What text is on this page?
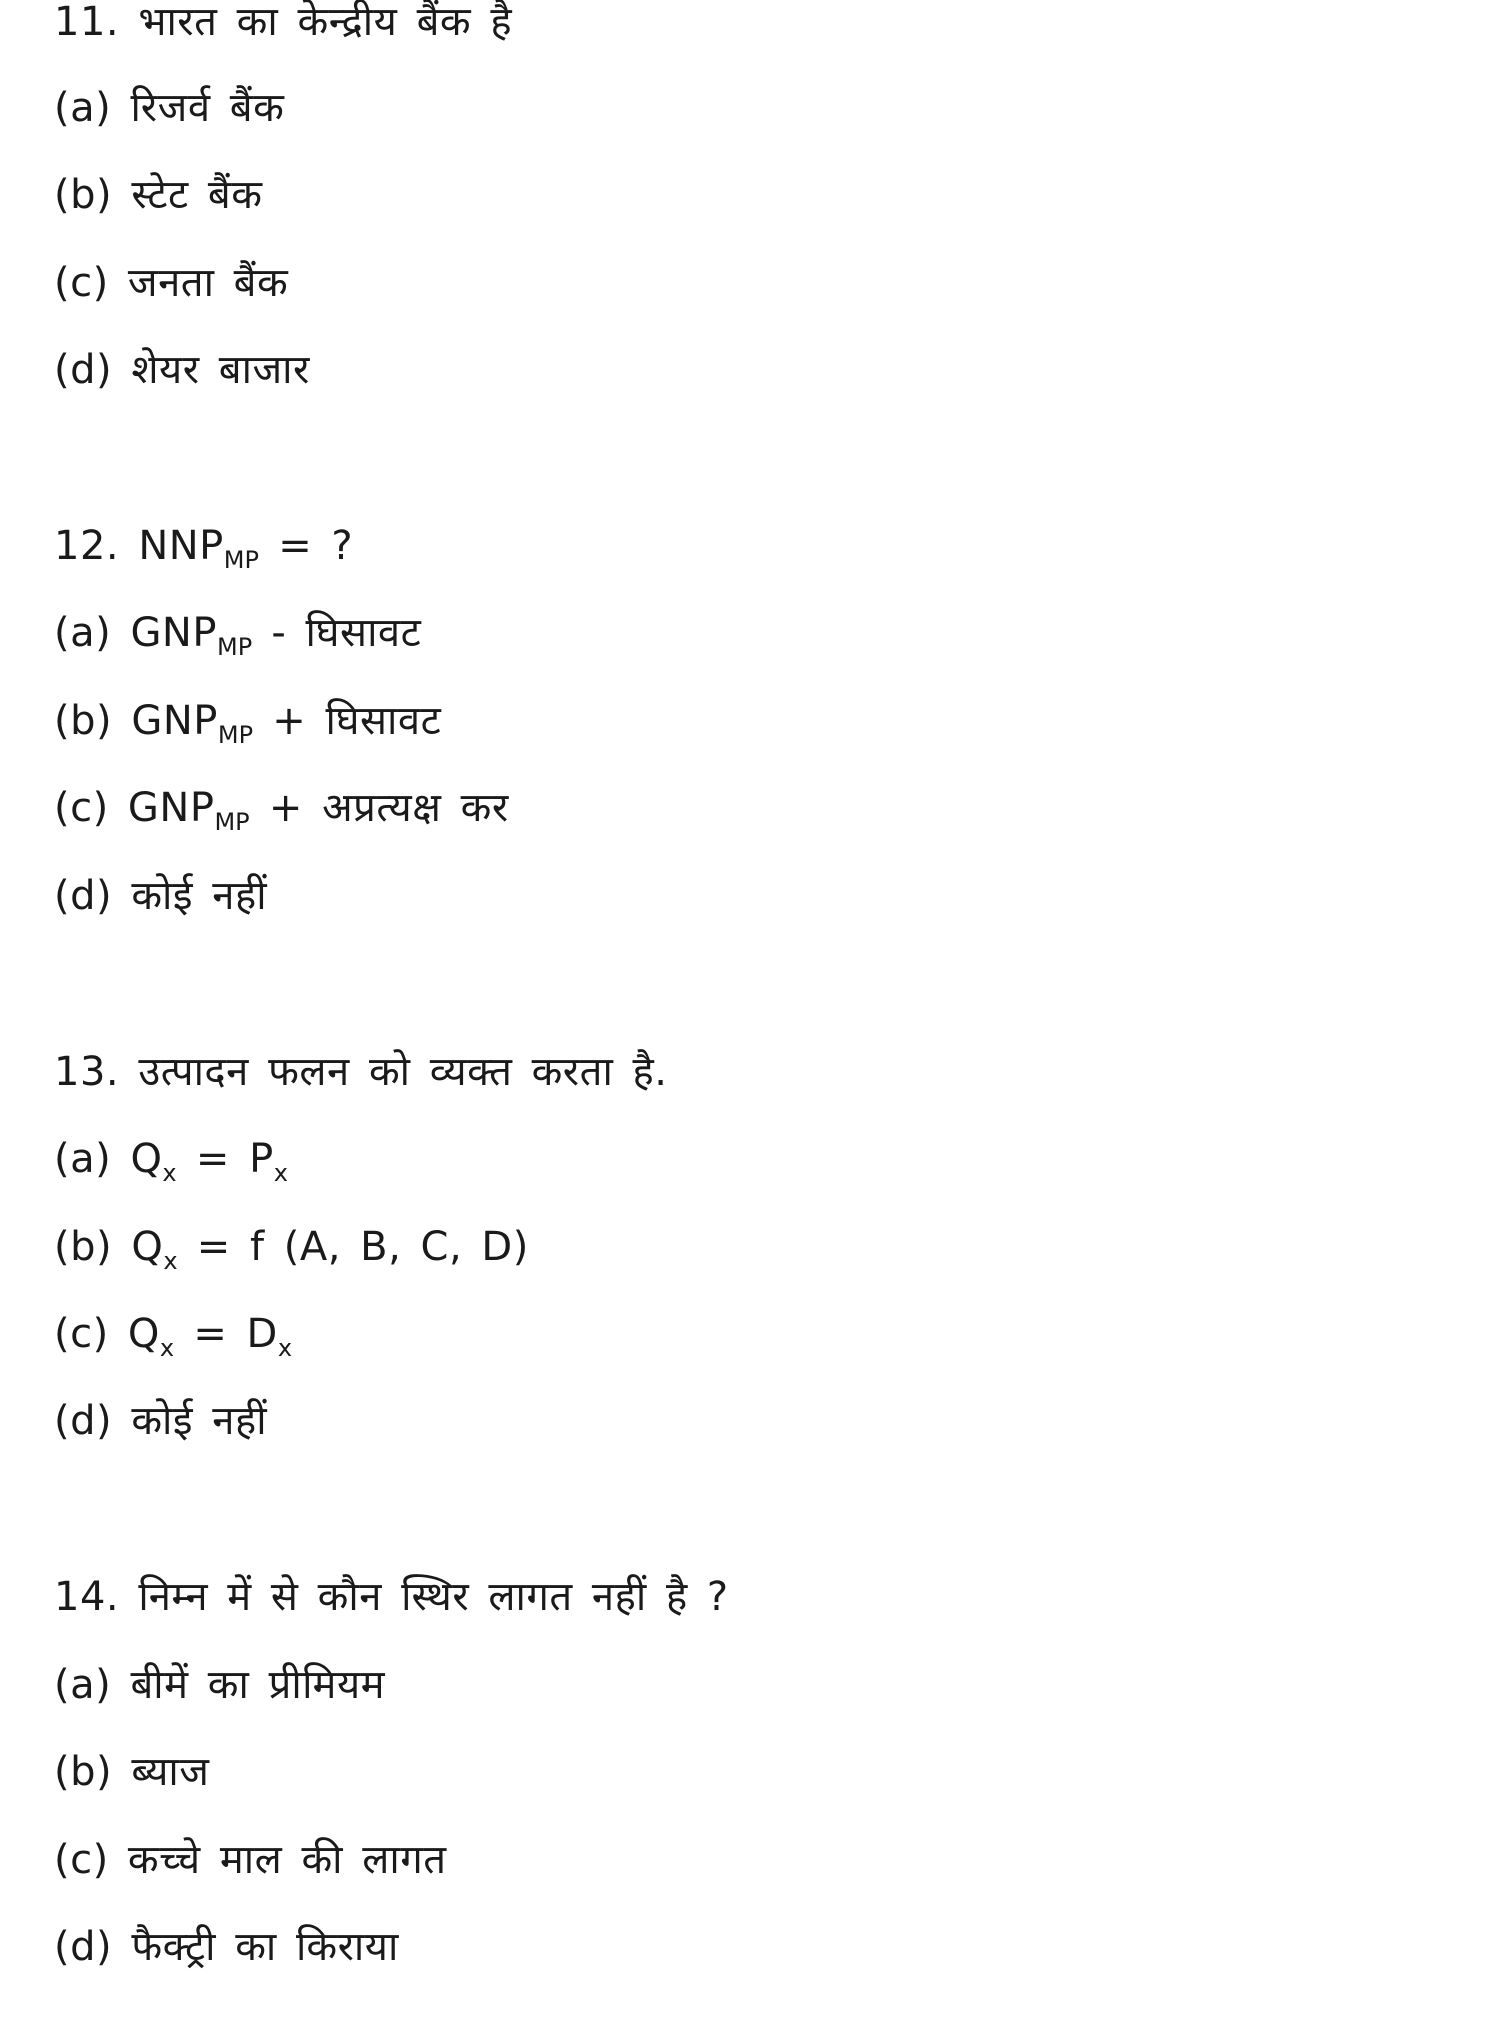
11. भारत का केन्द्रीय बैंक है
(a) रिजर्व बैंक
(b) स्टेट बैंक
(c) जनता बैंक
(d) शेयर बाजार
12. $NNP_{MP}$ = ?
(a) $GNP_{MP}$ - घिसावट
(b) $GNP_{MP}$ + घिसावट
(c) $GNP_{MP}$ + अप्रत्यक्ष कर
(d) कोई नहीं
13. उत्पादन फलन को व्यक्त करता है.
(a) $Q_x = P_x$
(b) $Q_x = f$ (A, B, C, D)
(c) $Q_x = D_x$
(d) कोई नहीं
14. निम्न में से कौन स्थिर लागत नहीं है ?
(a) बीमें का प्रीमियम
(b) ब्याज
(c) कच्चे माल की लागत
(d) फैक्ट्री का किराया
